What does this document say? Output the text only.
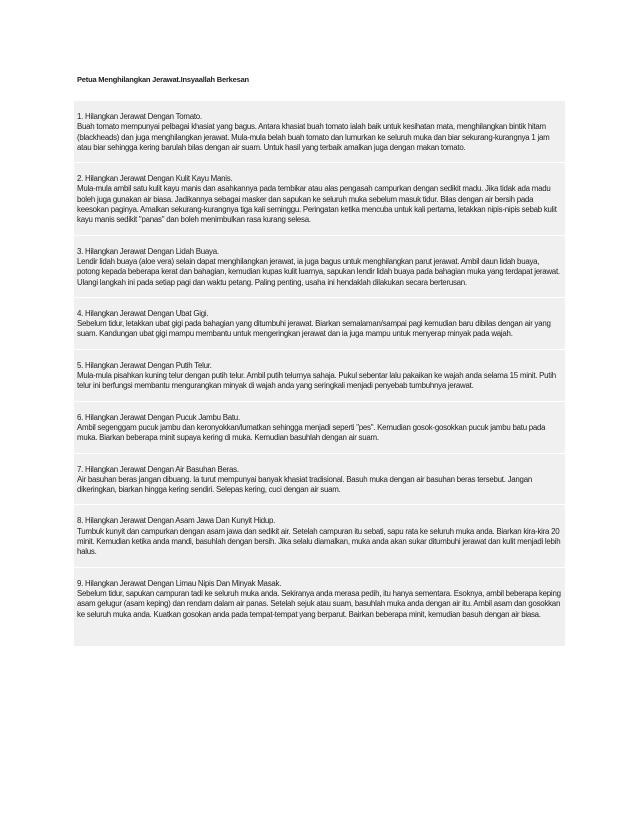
Petua Menghilangkan Jerawat.Insyaallah Berkesan
1. Hilangkan Jerawat Dengan Tomato.
Buah tomato mempunyai pelbagai khasiat yang bagus. Antara khasiat buah tomato ialah baik untuk kesihatan mata, menghilangkan bintik hitam (blackheads) dan juga menghilangkan jerawat. Mula-mula belah buah tomato dan lumurkan ke seluruh muka dan biar sekurang-kurangnya 1 jam atau biar sehingga kering barulah bilas dengan air suam. Untuk hasil yang terbaik amalkan juga dengan makan tomato.
2. Hilangkan Jerawat Dengan Kulit Kayu Manis.
Mula-mula ambil satu kulit kayu manis dan asahkannya pada tembikar atau alas pengasah campurkan dengan sedikit madu. Jika tidak ada madu boleh juga gunakan air biasa. Jadikannya sebagai masker dan sapukan ke seluruh muka sebelum masuk tidur. Bilas dengan air bersih pada keesokan paginya. Amalkan sekurang-kurangnya tiga kali seminggu. Peringatan ketika mencuba untuk kali pertama, letakkan nipis-nipis sebab kulit kayu manis sedikit "panas" dan boleh menimbulkan rasa kurang selesa.
3. Hilangkan Jerawat Dengan Lidah Buaya.
Lendir lidah buaya (aloe vera) selain dapat menghilangkan jerawat, ia juga bagus untuk menghilangkan parut jerawat. Ambil daun lidah buaya, potong kepada beberapa kerat dan bahagian, kemudian kupas kulit luarnya, sapukan lendir lidah buaya pada bahagian muka yang terdapat jerawat. Ulangi langkah ini pada setiap pagi dan waktu petang. Paling penting, usaha ini hendaklah dilakukan secara berterusan.
4. Hilangkan Jerawat Dengan Ubat Gigi.
Sebelum tidur, letakkan ubat gigi pada bahagian yang ditumbuhi jerawat. Biarkan semalaman/sampai pagi kemudian baru dibilas dengan air yang suam. Kandungan ubat gigi mampu membantu untuk mengeringkan jerawat dan ia juga mampu untuk menyerap minyak pada wajah.
5. Hilangkan Jerawat Dengan Putih Telur.
Mula-mula pisahkan kuning telur dengan putih telur. Ambil putih telurnya sahaja. Pukul sebentar lalu pakaikan ke wajah anda selama 15 minit. Putih telur ini berfungsi membantu mengurangkan minyak di wajah anda yang seringkali menjadi penyebab tumbuhnya jerawat.
6. Hilangkan Jerawat Dengan Pucuk Jambu Batu.
Ambil segenggam pucuk jambu dan keronyokkan/lumatkan sehingga menjadi seperti "pes". Kemudian gosok-gosokkan pucuk jambu batu pada muka. Biarkan beberapa minit supaya kering di muka. Kemudian basuhlah dengan air suam.
7. Hilangkan Jerawat Dengan Air Basuhan Beras.
Air basuhan beras jangan dibuang. Ia turut mempunyai banyak khasiat tradisional. Basuh muka dengan air basuhan beras tersebut. Jangan dikeringkan, biarkan hingga kering sendiri. Selepas kering, cuci dengan air suam.
8. Hilangkan Jerawat Dengan Asam Jawa Dan Kunyit Hidup.
Tumbuk kunyit dan campurkan dengan asam jawa dan sedikit air. Setelah campuran itu sebati, sapu rata ke seluruh muka anda. Biarkan kira-kira 20 minit. Kemudian ketika anda mandi, basuhlah dengan bersih. Jika selalu diamalkan, muka anda akan sukar ditumbuhi jerawat dan kulit menjadi lebih halus.
9. Hilangkan Jerawat Dengan Limau Nipis Dan Minyak Masak.
Sebelum tidur, sapukan campuran tadi ke seluruh muka anda. Sekiranya anda merasa pedih, itu hanya sementara. Esoknya, ambil beberapa keping asam gelugur (asam keping) dan rendam dalam air panas. Setelah sejuk atau suam, basuhlah muka anda dengan air itu. Ambil asam dan gosokkan ke seluruh muka anda. Kuatkan gosokan anda pada tempat-tempat yang berparut. Bairkan beberapa minit, kemudian basuh dengan air biasa.
